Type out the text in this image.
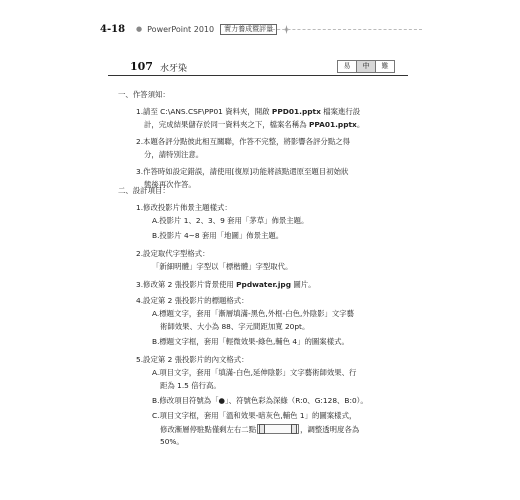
4-18 ● PowerPoint 2010	實力養成暨評量
107 水牙染	易	中	難
一、作答須知：
1.請至 C:\ANS.CSF\PP01 資料夾，開啟 PPD01.pptx 檔案進行設
計，完成結果儲存於同一資料夾之下，檔案名稱為 PPA01.pptx。
2.本題各評分點彼此相互關聯，作答不完整，將影響各評分點之得
分，請特別注意。
3.作答時如設定錯誤，請使用[復原]功能將該點還原至題目初始狀
態後再次作答。
二、設計項目：
1.修改投影片佈景主題樣式：
A.投影片 1、2、3、9 套用「茅草」佈景主題。
B.投影片 4~8 套用「地圖」佈景主題。
2.設定取代字型格式：
「新細明體」字型以「標楷體」字型取代。
3.修改第 2 張投影片背景使用 Ppdwater.jpg 圖片。
4.設定第 2 張投影片的標題格式：
A.標題文字，套用「漸層填滿-黑色,外框-白色,外陰影」文字藝
術師效果、大小為 88、字元間距加寬 20pt。
B.標題文字框，套用「輕微效果-綠色,輔色 4」的圖案樣式。
5.設定第 2 張投影片的內文格式：
A.項目文字，套用「填滿-白色,延伸陰影」文字藝術師效果、行
距為 1.5 倍行高。
B.修改項目符號為「●」、符號色彩為深綠（R:0、G:128、B:0）。
C.項目文字框，套用「溫和效果-暗灰色,輔色 1」的圖案樣式，
修改漸層停駐點僅剩左右二點	，調整透明度各為
50%。
